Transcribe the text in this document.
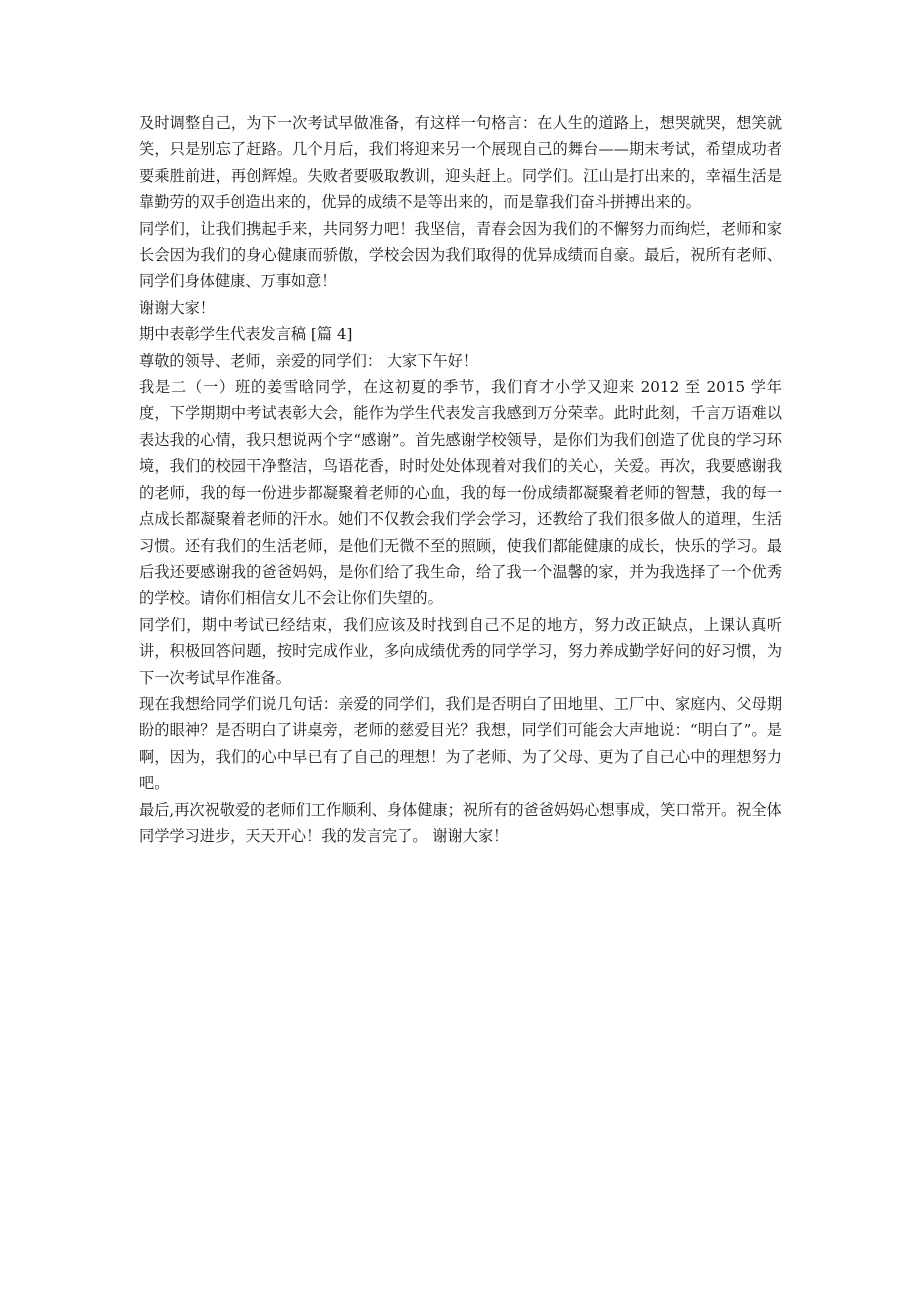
及时调整自己，为下一次考试早做准备，有这样一句格言：在人生的道路上，想哭就哭，想笑就笑，只是别忘了赶路。几个月后，我们将迎来另一个展现自己的舞台——期末考试，希望成功者要乘胜前进，再创辉煌。失败者要吸取教训，迎头赶上。同学们。江山是打出来的，幸福生活是靠勤劳的双手创造出来的，优异的成绩不是等出来的，而是靠我们奋斗拼搏出来的。

同学们，让我们携起手来，共同努力吧！我坚信，青春会因为我们的不懈努力而绚烂，老师和家长会因为我们的身心健康而骄傲，学校会因为我们取得的优异成绩而自豪。最后，祝所有老师、同学们身体健康、万事如意！

谢谢大家！

期中表彰学生代表发言稿 [篇 4]

尊敬的领导、老师，亲爱的同学们： 大家下午好！

我是二（一）班的姜雪晗同学，在这初夏的季节，我们育才小学又迎来 2012 至 2015 学年度，下学期期中考试表彰大会，能作为学生代表发言我感到万分荣幸。此时此刻，千言万语难以表达我的心情，我只想说两个字“感谢”。首先感谢学校领导，是你们为我们创造了优良的学习环境，我们的校园干净整洁，鸟语花香，时时处处体现着对我们的关心，关爱。再次，我要感谢我的老师，我的每一份进步都凝聚着老师的心血，我的每一份成绩都凝聚着老师的智慧，我的每一点成长都凝聚着老师的汗水。她们不仅教会我们学会学习，还教给了我们很多做人的道理，生活习惯。还有我们的生活老师，是他们无微不至的照顾，使我们都能健康的成长，快乐的学习。最后我还要感谢我的爸爸妈妈，是你们给了我生命，给了我一个温馨的家，并为我选择了一个优秀的学校。请你们相信女儿不会让你们失望的。

同学们，期中考试已经结束，我们应该及时找到自己不足的地方，努力改正缺点，上课认真听讲，积极回答问题，按时完成作业，多向成绩优秀的同学学习，努力养成勤学好问的好习惯，为下一次考试早作准备。

现在我想给同学们说几句话：亲爱的同学们，我们是否明白了田地里、工厂中、家庭内、父母期盼的眼神？是否明白了讲桌旁，老师的慈爱目光？我想，同学们可能会大声地说：“明白了”。是啊，因为，我们的心中早已有了自己的理想！为了老师、为了父母、更为了自己心中的理想努力吧。

最后,再次祝敬爱的老师们工作顺利、身体健康；祝所有的爸爸妈妈心想事成，笑口常开。祝全体同学学习进步，天天开心！我的发言完了。 谢谢大家！
